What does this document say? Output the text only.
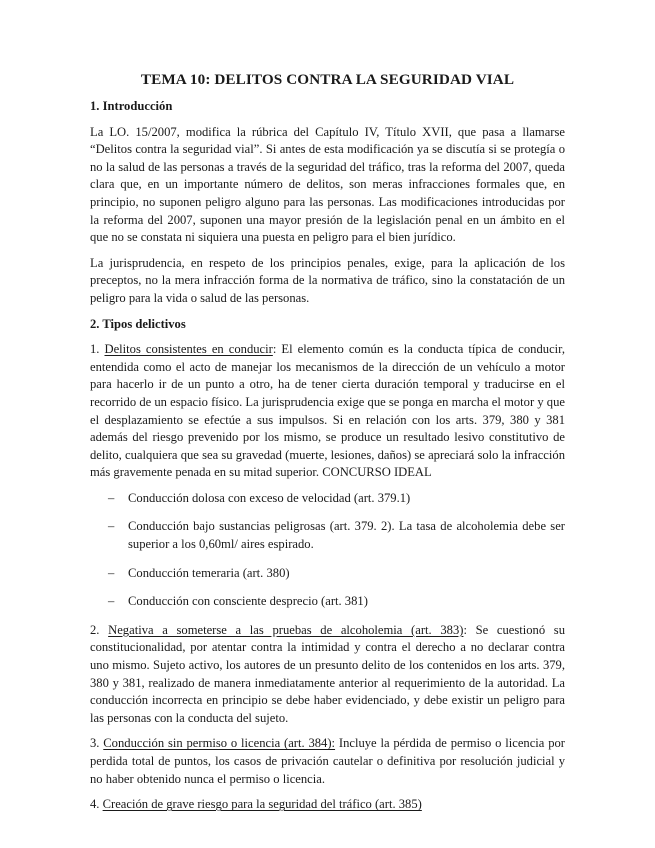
TEMA 10: DELITOS CONTRA LA SEGURIDAD VIAL
1. Introducción

La LO. 15/2007, modifica la rúbrica del Capítulo IV, Título XVII, que pasa a llamarse “Delitos contra la seguridad vial”. Si antes de esta modificación ya se discutía si se protegía o no la salud de las personas a través de la seguridad del tráfico, tras la reforma del 2007, queda clara que, en un importante número de delitos, son meras infracciones formales que, en principio, no suponen peligro alguno para las personas. Las modificaciones introducidas por la reforma del 2007, suponen una mayor presión de la legislación penal en un ámbito en el que no se constata ni siquiera una puesta en peligro para el bien jurídico.

La jurisprudencia, en respeto de los principios penales, exige, para la aplicación de los preceptos, no la mera infracción forma de la normativa de tráfico, sino la constatación de un peligro para la vida o salud de las personas.

2. Tipos delictivos

1. Delitos consistentes en conducir: El elemento común es la conducta típica de conducir, entendida como el acto de manejar los mecanismos de la dirección de un vehículo a motor para hacerlo ir de un punto a otro, ha de tener cierta duración temporal y traducirse en el recorrido de un espacio físico. La jurisprudencia exige que se ponga en marcha el motor y que el desplazamiento se efectúe a sus impulsos. Si en relación con los arts. 379, 380 y 381 además del riesgo prevenido por los mismo, se produce un resultado lesivo constitutivo de delito, cualquiera que sea su gravedad (muerte, lesiones, daños) se apreciará solo la infracción más gravemente penada en su mitad superior. CONCURSO IDEAL

– Conducción dolosa con exceso de velocidad (art. 379.1)
– Conducción bajo sustancias peligrosas (art. 379. 2). La tasa de alcoholemia debe ser superior a los 0,60ml/ aires espirado.
– Conducción temeraria (art. 380)
– Conducción con consciente desprecio (art. 381)

2. Negativa a someterse a las pruebas de alcoholemia (art. 383): Se cuestionó su constitucionalidad, por atentar contra la intimidad y contra el derecho a no declarar contra uno mismo. Sujeto activo, los autores de un presunto delito de los contenidos en los arts. 379, 380 y 381, realizado de manera inmediatamente anterior al requerimiento de la autoridad. La conducción incorrecta en principio se debe haber evidenciado, y debe existir un peligro para las personas con la conducta del sujeto.

3. Conducción sin permiso o licencia (art. 384): Incluye la pérdida de permiso o licencia por perdida total de puntos, los casos de privación cautelar o definitiva por resolución judicial y no haber obtenido nunca el permiso o licencia.

4. Creación de grave riesgo para la seguridad del tráfico (art. 385)
